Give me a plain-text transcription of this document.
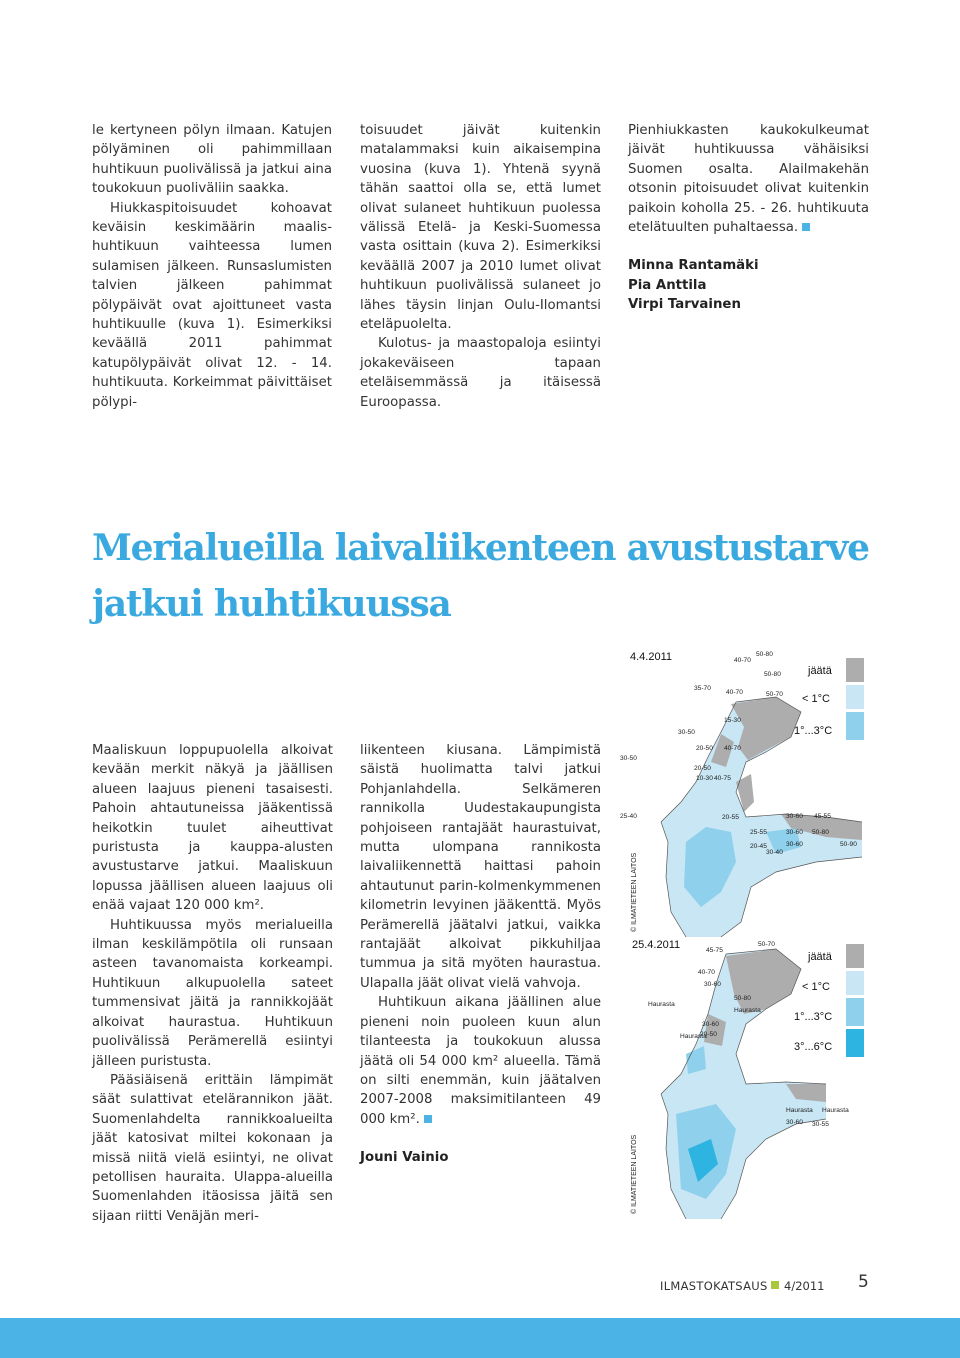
le kertyneen pölyn ilmaan. Katujen pölyäminen oli pahimmillaan huhtikuun puolivälissä ja jatkui aina toukokuun puoliväliin saakka.

Hiukkaspitoisuudet kohoavat keväisin keskimäärin maalis-huhtikuun vaihteessa lumen sulamisen jälkeen. Runsaslumisten talvien jälkeen pahimmat pölypäivät ovat ajoittuneet vasta huhtikuulle (kuva 1). Esimerkiksi keväällä 2011 pahimmat katupölypäivät olivat 12. - 14. huhtikuuta. Korkeimmat päivittäiset pölypi-

toisuudet jäivät kuitenkin matalammaksi kuin aikaisempina vuosina (kuva 1). Yhtenä syynä tähän saattoi olla se, että lumet olivat sulaneet huhtikuun puolessa välissä Etelä- ja Keski-Suomessa vasta osittain (kuva 2). Esimerkiksi keväällä 2007 ja 2010 lumet olivat huhtikuun puolivälissä sulaneet jo lähes täysin linjan Oulu-Ilomantsi eteläpuolelta.

Kulotus- ja maastopaloja esiintyi jokakeväiseen tapaan eteläisemmässä ja itäisessä Euroopassa.

Pienhiukkasten kaukokulkeumat jäivät huhtikuussa vähäisiksi Suomen osalta. Alailmakehän otsonin pitoisuudet olivat kuitenkin paikoin koholla 25. - 26. huhtikuuta etelätuulten puhaltaessa.

Minna Rantamäki
Pia Anttila
Virpi Tarvainen

Merialueilla laivaliikenteen avustustarve jatkui huhtikuussa

Maaliskuun loppupuolella alkoivat kevään merkit näkyä ja jäällisen alueen laajuus pieneni tasaisesti. Pahoin ahtautuneissa jääkentissä heikotkin tuulet aiheuttivat puristusta ja kauppa-alusten avustustarve jatkui. Maaliskuun lopussa jäällisen alueen laajuus oli enää vajaat 120 000 km².

Huhtikuussa myös merialueilla ilman keskilämpötila oli runsaan asteen tavanomaista korkeampi. Huhtikuun alkupuolella sateet tummensivat jäitä ja rannikkojäät alkoivat haurastua. Huhtikuun puolivälissä Perämerellä esiintyi jälleen puristusta.

Pääsiäisenä erittäin lämpimät säät sulattivat etelärannikon jäät. Suomenlahdelta rannikkoalueilta jäät katosivat miltei kokonaan ja missä niitä vielä esiintyi, ne olivat petollisen hauraita. Ulappa-alueilla Suomenlahden itäosissa jäitä sen sijaan riitti Venäjän meri-

liikenteen kiusana. Lämpimistä säistä huolimatta talvi jatkui Pohjanlahdella. Selkämeren rannikolla Uudestakaupungista pohjoiseen rantajäät haurastuivat, mutta ulompana rannikosta laivaliikennettä haittasi pahoin ahtautunut parin-kolmenkymmenen kilometrin levyinen jääkenttä. Myös Perämerellä jäätalvi jatkui, vaikka rantajäät alkoivat pikkuhiljaa tummua ja sitä myöten haurastua. Ulapalla jäät olivat vielä vahvoja.

Huhtikuun aikana jäällinen alue pieneni noin puoleen kuun alun tilanteesta ja toukokuun alussa jäätä oli 54 000 km² alueella. Tämä on silti enemmän, kuin jäätalven 2007-2008 maksimitilanteen 49 000 km².

Jouni Vainio

4.4.2011	40-70
50-80
50-80
35-70
40-70	50-70
30-50
15-30
20-50 40-70
30-50
20-50
10-30 40-75
25-40	20-55	30-60 45-55
25-55	30-60 50-80
30-60	50-90
20-45
30-40
jäätä
< 1°C
1°...3°C
© ILMATIETEEN LAITOS
25.4.2011	45-75
50-70
40-70
30-60
Haurasta
50-80
Haurasta
30-60
Haurasta
20-50
Haurasta
30-60
Haurasta
30-55
jäätä
< 1°C
1°...3°C
3°...6°C
© ILMATIETEEN LAITOS
ILMASTOKATSAUS 4/2011 5
